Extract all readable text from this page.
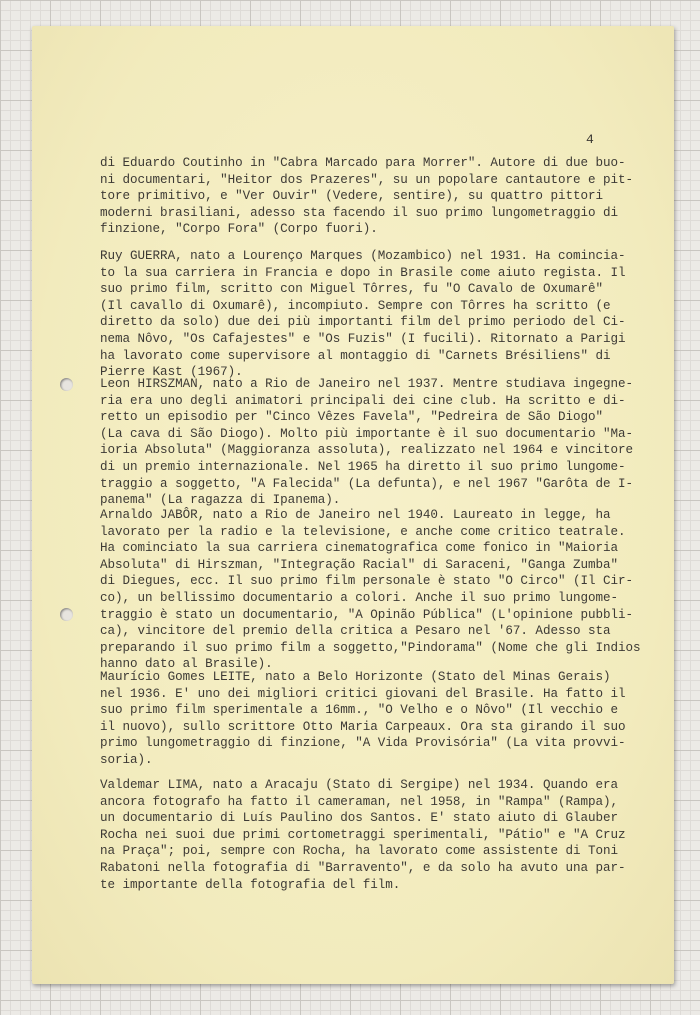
4
di Eduardo Coutinho in "Cabra Marcado para Morrer". Autore di due buo-
ni documentari, "Heitor dos Prazeres", su un popolare cantautore e pit-
tore primitivo, e "Ver Ouvir" (Vedere, sentire), su quattro pittori
moderni brasiliani, adesso sta facendo il suo primo lungometraggio di
finzione, "Corpo Fora" (Corpo fuori).
Ruy GUERRA, nato a Lourenço Marques (Mozambico) nel 1931. Ha comincia-
to la sua carriera in Francia e dopo in Brasile come aiuto regista. Il
suo primo film, scritto con Miguel Tôrres, fu "O Cavalo de Oxumarê"
(Il cavallo di Oxumarê), incompiuto. Sempre con Tôrres ha scritto (e
diretto da solo) due dei più importanti film del primo periodo del Ci-
nema Nôvo, "Os Cafajestes" e "Os Fuzis" (I fucili). Ritornato a Parigi
ha lavorato come supervisore al montaggio di "Carnets Brésiliens" di
Pierre Kast (1967).
Leon HIRSZMAN, nato a Rio de Janeiro nel 1937. Mentre studiava ingegne-
ria era uno degli animatori principali dei cine club. Ha scritto e di-
retto un episodio per "Cinco Vêzes Favela", "Pedreira de São Diogo"
(La cava di São Diogo). Molto più importante è il suo documentario "Ma-
ioria Absoluta" (Maggioranza assoluta), realizzato nel 1964 e vincitore
di un premio internazionale. Nel 1965 ha diretto il suo primo lungome-
traggio a soggetto, "A Falecida" (La defunta), e nel 1967 "Garôta de I-
panema" (La ragazza di Ipanema).
Arnaldo JABÔR, nato a Rio de Janeiro nel 1940. Laureato in legge, ha
lavorato per la radio e la televisione, e anche come critico teatrale.
Ha cominciato la sua carriera cinematografica come fonico in "Maioria
Absoluta" di Hirszman, "Integração Racial" di Saraceni, "Ganga Zumba"
di Diegues, ecc. Il suo primo film personale è stato "O Circo" (Il Cir-
co), un bellissimo documentario a colori. Anche il suo primo lungome-
traggio è stato un documentario, "A Opinão Pública" (L'opinione pubbli-
ca), vincitore del premio della critica a Pesaro nel '67. Adesso sta
preparando il suo primo film a soggetto,"Pindorama" (Nome che gli Indios
hanno dato al Brasile).
Maurício Gomes LEITE, nato a Belo Horizonte (Stato del Minas Gerais)
nel 1936. E' uno dei migliori critici giovani del Brasile. Ha fatto il
suo primo film sperimentale a 16mm., "O Velho e o Nôvo" (Il vecchio e
il nuovo), sullo scrittore Otto Maria Carpeaux. Ora sta girando il suo
primo lungometraggio di finzione, "A Vida Provisória" (La vita provvi-
soria).
Valdemar LIMA, nato a Aracaju (Stato di Sergipe) nel 1934. Quando era
ancora fotografo ha fatto il cameraman, nel 1958, in "Rampa" (Rampa),
un documentario di Luís Paulino dos Santos. E' stato aiuto di Glauber
Rocha nei suoi due primi cortometraggi sperimentali, "Pátio" e "A Cruz
na Praça"; poi, sempre con Rocha, ha lavorato come assistente di Toni
Rabatoni nella fotografia di "Barravento", e da solo ha avuto una par-
te importante della fotografia del film.
